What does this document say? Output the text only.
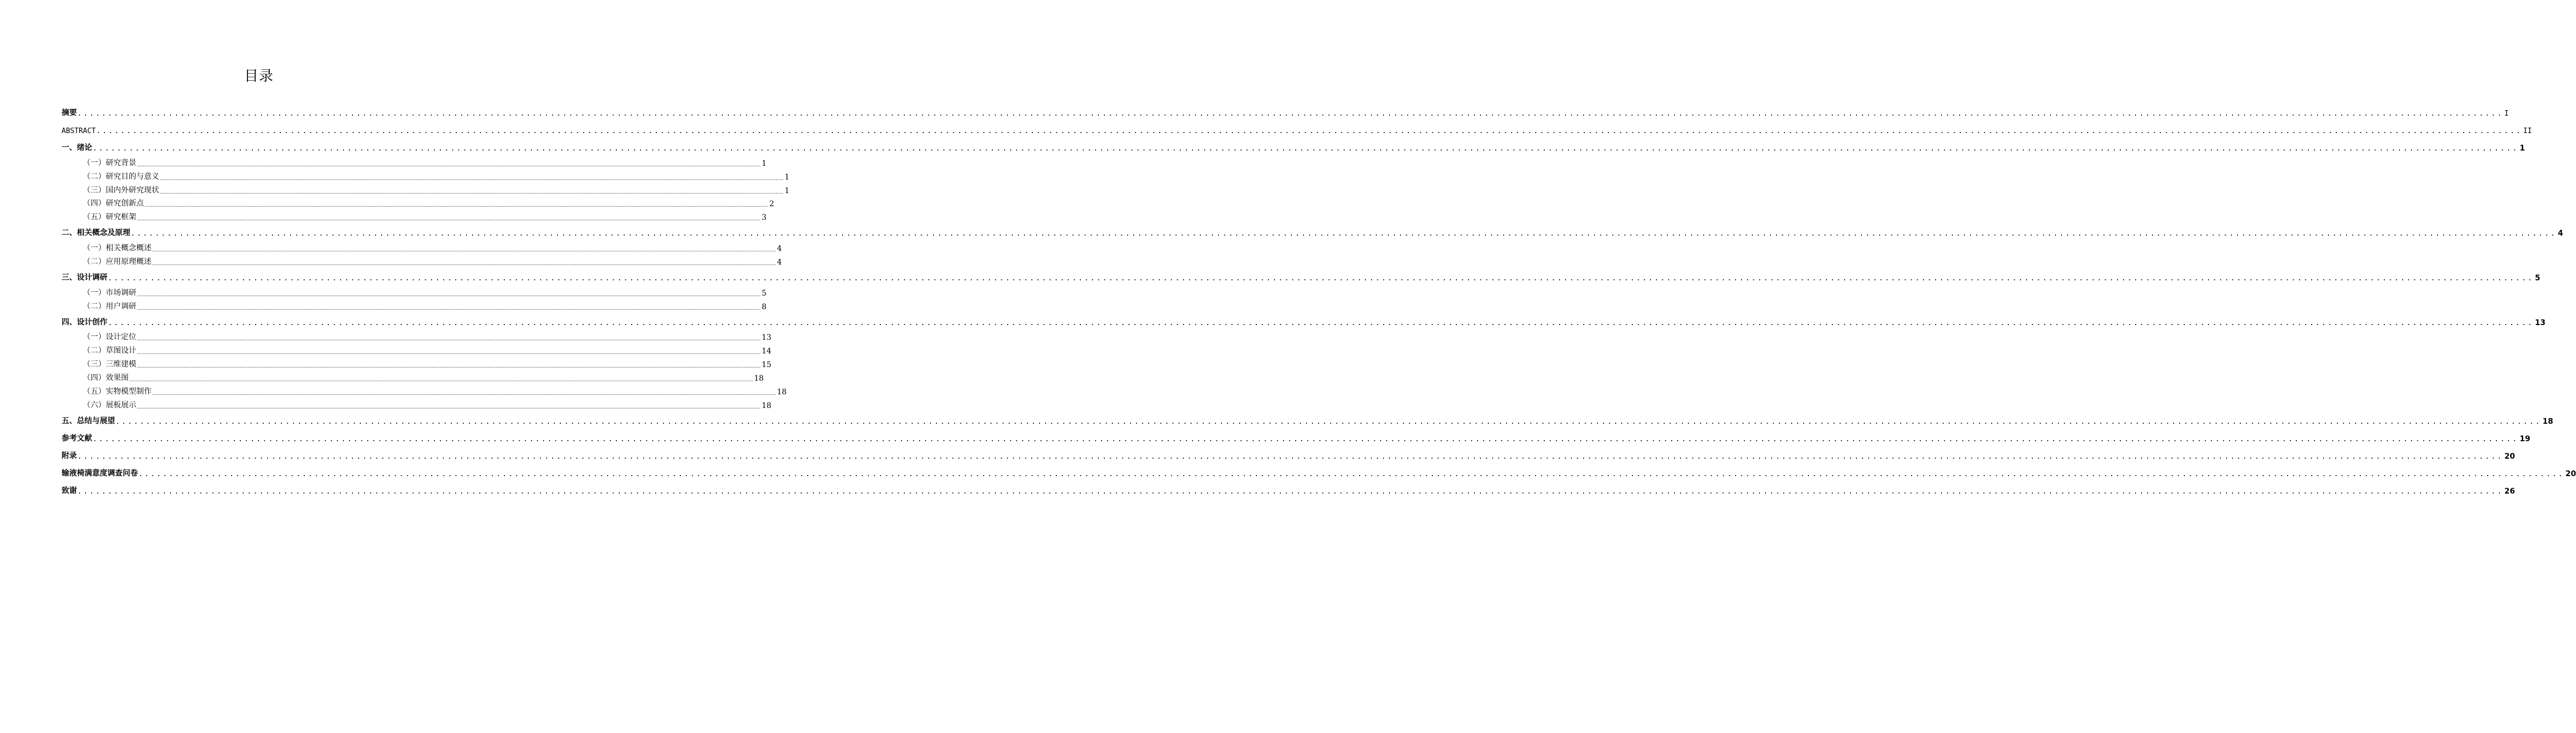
目录
摘要 ................................................................................................................................................................................................................................................................................................................................................................................................................ I
ABSTRACT ................................................................................................................................................................................................................................................................................................................................................................................................................ II
一、 绪论 ................................................................................................................................................................................................................................................................................................................................................................................................................ 1
（一） 研究背景 ................................................................................................................................................................................................................................................................................................................................................................................................................ 1
（二） 研究目的与意义 ................................................................................................................................................................................................................................................................................................................................................................................................................ 1
（三） 国内外研究现状 ................................................................................................................................................................................................................................................................................................................................................................................................................ 1
（四） 研究创新点 ................................................................................................................................................................................................................................................................................................................................................................................................................ 2
（五） 研究框架 ................................................................................................................................................................................................................................................................................................................................................................................................................ 3
二、 相关概念及原理 ................................................................................................................................................................................................................................................................................................................................................................................................................ 4
（一） 相关概念概述 ................................................................................................................................................................................................................................................................................................................................................................................................................ 4
（二） 应用原理概述 ................................................................................................................................................................................................................................................................................................................................................................................................................ 4
三、 设计调研 ................................................................................................................................................................................................................................................................................................................................................................................................................ 5
（一） 市场调研 ................................................................................................................................................................................................................................................................................................................................................................................................................ 5
（二） 用户调研 ................................................................................................................................................................................................................................................................................................................................................................................................................ 8
四、 设计创作 ................................................................................................................................................................................................................................................................................................................................................................................................................ 13
（一） 设计定位 ................................................................................................................................................................................................................................................................................................................................................................................................................ 13
（二） 草图设计 ................................................................................................................................................................................................................................................................................................................................................................................................................ 14
（三） 三维建模 ................................................................................................................................................................................................................................................................................................................................................................................................................ 15
（四） 效果图 ................................................................................................................................................................................................................................................................................................................................................................................................................ 18
（五） 实物模型制作 ................................................................................................................................................................................................................................................................................................................................................................................................................ 18
（六） 展板展示 ................................................................................................................................................................................................................................................................................................................................................................................................................ 18
五、 总结与展望 ................................................................................................................................................................................................................................................................................................................................................................................................................ 18
参考文献 ................................................................................................................................................................................................................................................................................................................................................................................................................ 19
附录 ................................................................................................................................................................................................................................................................................................................................................................................................................ 20
输液椅满意度调查问卷 ................................................................................................................................................................................................................................................................................................................................................................................................................ 20
致谢 ................................................................................................................................................................................................................................................................................................................................................................................................................ 26
